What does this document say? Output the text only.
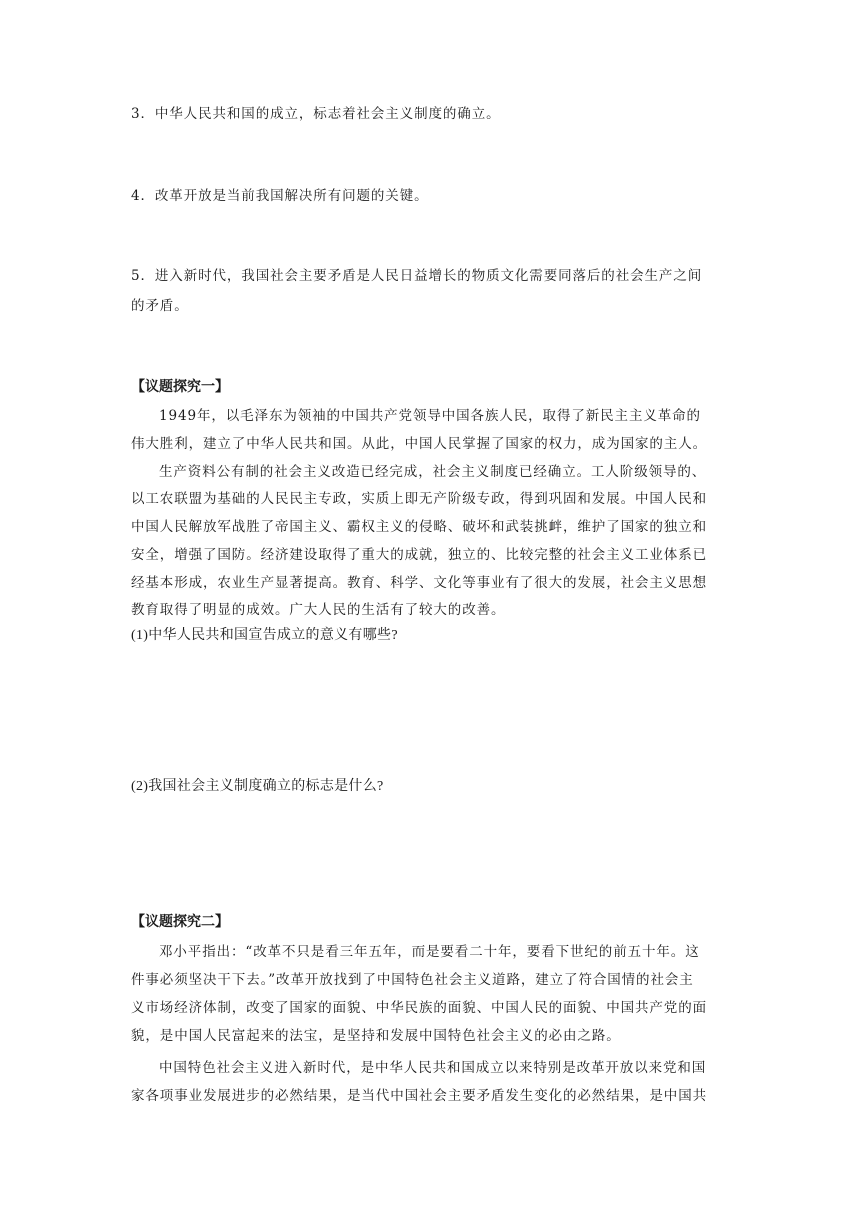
3．中华人民共和国的成立，标志着社会主义制度的确立。
4．改革开放是当前我国解决所有问题的关键。
5．进入新时代，我国社会主要矛盾是人民日益增长的物质文化需要同落后的社会生产之间
的矛盾。
【议题探究一】
1949年，以毛泽东为领袖的中国共产党领导中国各族人民，取得了新民主主义革命的
伟大胜利，建立了中华人民共和国。从此，中国人民掌握了国家的权力，成为国家的主人。
生产资料公有制的社会主义改造已经完成，社会主义制度已经确立。工人阶级领导的、
以工农联盟为基础的人民民主专政，实质上即无产阶级专政，得到巩固和发展。中国人民和
中国人民解放军战胜了帝国主义、霸权主义的侵略、破坏和武装挑衅，维护了国家的独立和
安全，增强了国防。经济建设取得了重大的成就，独立的、比较完整的社会主义工业体系已
经基本形成，农业生产显著提高。教育、科学、文化等事业有了很大的发展，社会主义思想
教育取得了明显的成效。广大人民的生活有了较大的改善。
(1)中华人民共和国宣告成立的意义有哪些?
(2)我国社会主义制度确立的标志是什么?
【议题探究二】
邓小平指出：“改革不只是看三年五年，而是要看二十年，要看下世纪的前五十年。这
件事必须坚决干下去。”改革开放找到了中国特色社会主义道路，建立了符合国情的社会主
义市场经济体制，改变了国家的面貌、中华民族的面貌、中国人民的面貌、中国共产党的面
貌，是中国人民富起来的法宝，是坚持和发展中国特色社会主义的必由之路。
中国特色社会主义进入新时代，是中华人民共和国成立以来特别是改革开放以来党和国
家各项事业发展进步的必然结果，是当代中国社会主要矛盾发生变化的必然结果，是中国共
